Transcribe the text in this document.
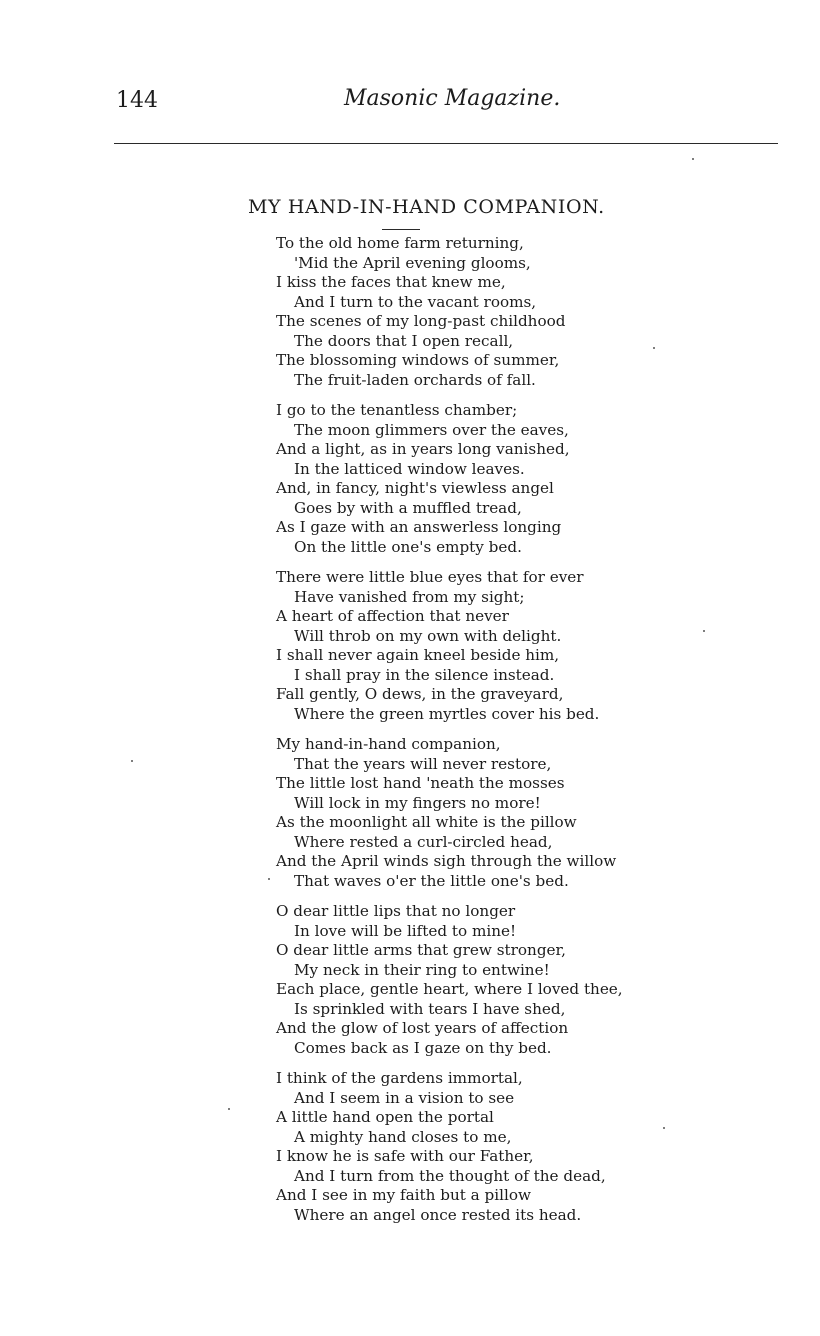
144	Masonic Magazine.
MY HAND-IN-HAND COMPANION.
To the old home farm returning,
'Mid the April evening glooms,
I kiss the faces that knew me,
And I turn to the vacant rooms,
The scenes of my long-past childhood
The doors that I open recall,
The blossoming windows of summer,
The fruit-laden orchards of fall.
I go to the tenantless chamber;
The moon glimmers over the eaves,
And a light, as in years long vanished,
In the latticed window leaves.
And, in fancy, night's viewless angel
Goes by with a muffled tread,
As I gaze with an answerless longing
On the little one's empty bed.
There were little blue eyes that for ever
Have vanished from my sight;
A heart of affection that never
Will throb on my own with delight.
I shall never again kneel beside him,
I shall pray in the silence instead.
Fall gently, O dews, in the graveyard,
Where the green myrtles cover his bed.
My hand-in-hand companion,
That the years will never restore,
The little lost hand 'neath the mosses
Will lock in my fingers no more!
As the moonlight all white is the pillow
Where rested a curl-circled head,
And the April winds sigh through the willow
That waves o'er the little one's bed.
O dear little lips that no longer
In love will be lifted to mine!
O dear little arms that grew stronger,
My neck in their ring to entwine!
Each place, gentle heart, where I loved thee,
Is sprinkled with tears I have shed,
And the glow of lost years of affection
Comes back as I gaze on thy bed.
I think of the gardens immortal,
And I seem in a vision to see
A little hand open the portal
A mighty hand closes to me,
I know he is safe with our Father,
And I turn from the thought of the dead,
And I see in my faith but a pillow
Where an angel once rested its head.
